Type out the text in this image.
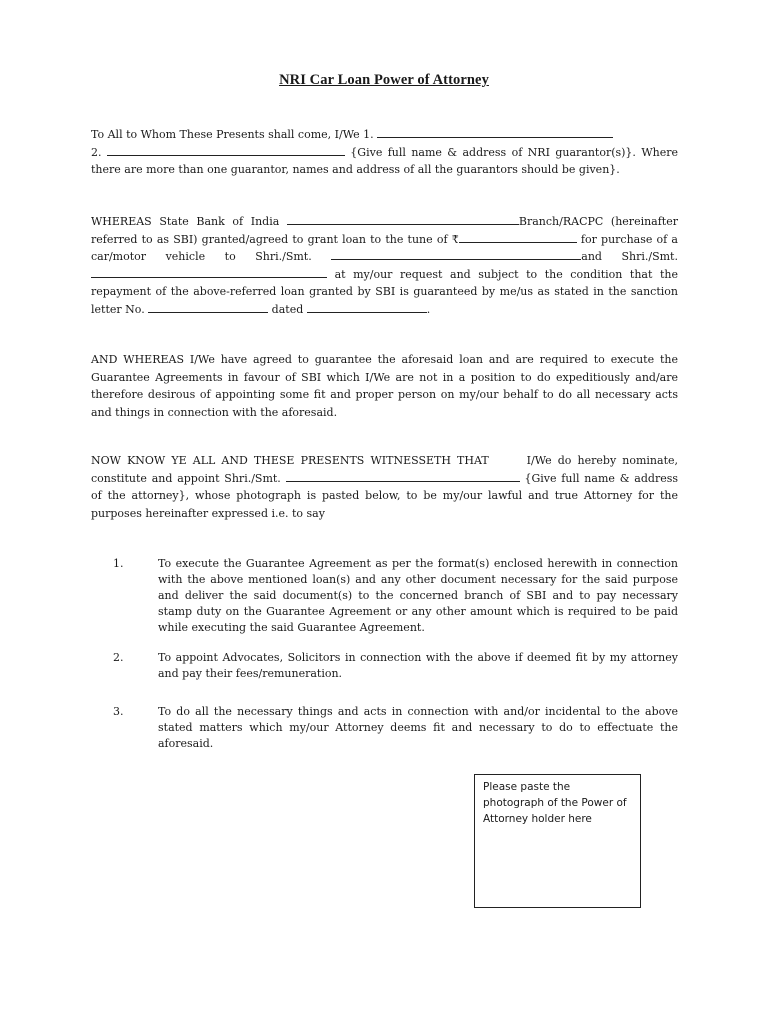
NRI Car Loan Power of Attorney

To All to Whom These Presents shall come, I/We 1.
2.	{Give full name & address of NRI guarantor(s)}. Where there are more than one guarantor, names and address of all the guarantors should be given}.

WHEREAS State Bank of India	Branch/RACPC (hereinafter referred to as SBI) granted/agreed to grant loan to the tune of ₹	for purchase of a car/motor vehicle to Shri./Smt.	and Shri./Smt.  at my/our request and subject to the condition that the repayment of the above-referred loan granted by SBI is guaranteed by me/us as stated in the sanction letter No.	dated	.

AND WHEREAS I/We have agreed to guarantee the aforesaid loan and are required to execute the Guarantee Agreements in favour of SBI which I/We are not in a position to do expeditiously and/are therefore desirous of appointing some fit and proper person on my/our behalf to do all necessary acts and things in connection with the aforesaid.

NOW KNOW YE ALL AND THESE PRESENTS WITNESSETH THAT	I/We do hereby nominate, constitute and appoint Shri./Smt.	{Give full name & address of the attorney}, whose photograph is pasted below, to be my/our lawful and true Attorney for the purposes hereinafter expressed i.e. to say

1.	To execute the Guarantee Agreement as per the format(s) enclosed herewith in connection with the above mentioned loan(s) and any other document necessary for the said purpose and deliver the said document(s) to the concerned branch of SBI and to pay necessary stamp duty on the Guarantee Agreement or any other amount which is required to be paid while executing the said Guarantee Agreement.
2.	To appoint Advocates, Solicitors in connection with the above if deemed fit by my attorney and pay their fees/remuneration.
3.	To do all the necessary things and acts in connection with and/or incidental to the above stated matters which my/our Attorney deems fit and necessary to do to effectuate the aforesaid.
Please paste the photograph of the Power of Attorney holder here
